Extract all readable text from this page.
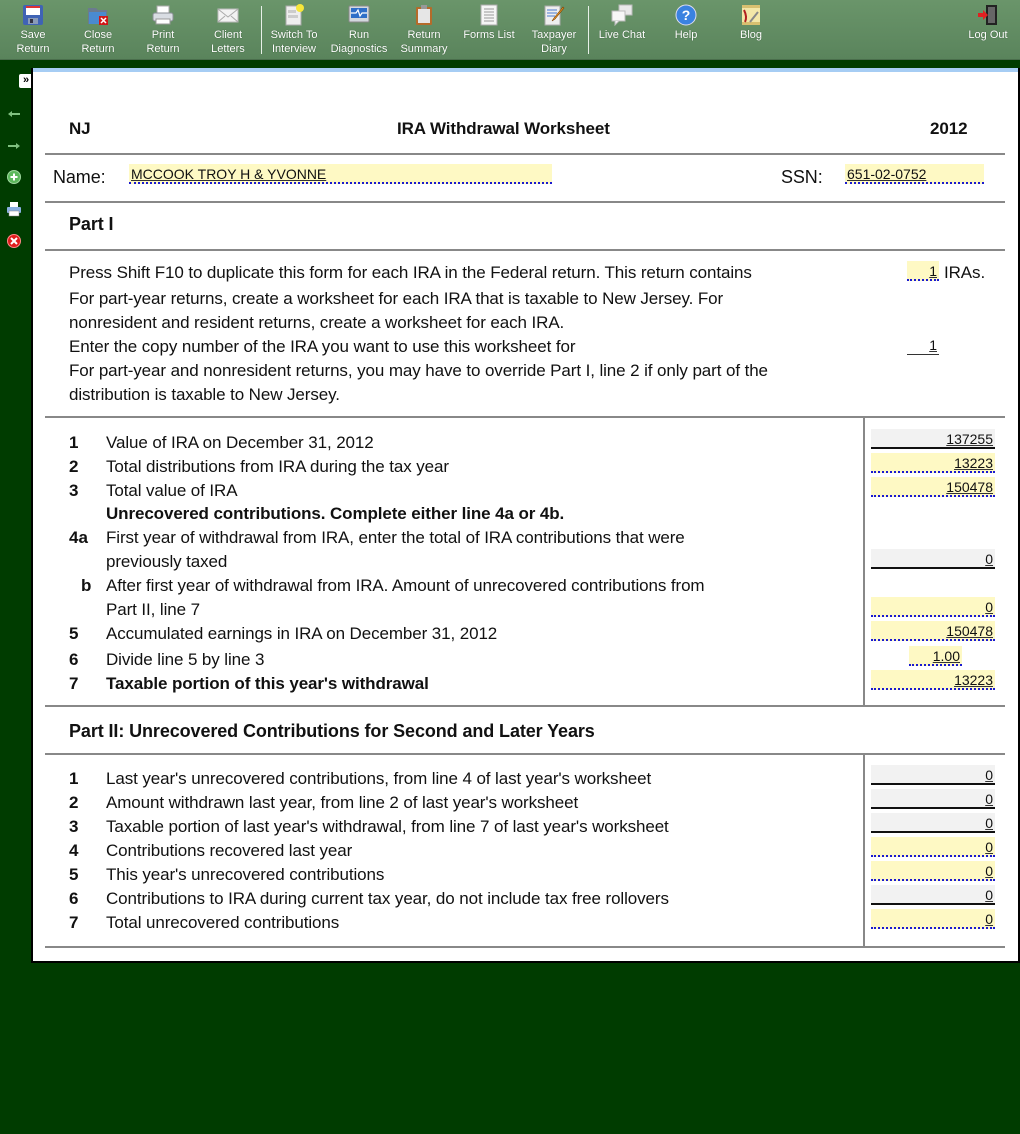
Save
Return
Close
Return
Print
Return
Client
Letters
Switch To
Interview
Run
Diagnostics
Return
Summary
Forms List	Taxpayer
Diary
Live Chat
?
Help	Blog	Log Out
»
NJ	IRA Withdrawal Worksheet	2012
Name: MCCOOK TROY H & YVONNE	SSN: 651-02-0752
Part I
Press Shift F10 to duplicate this form for each IRA in the Federal return. This return contains	1 IRAs.
For part-year returns, create a worksheet for each IRA that is taxable to New Jersey. For
nonresident and resident returns, create a worksheet for each IRA.
Enter the copy number of the IRA you want to use this worksheet for	1
For part-year and nonresident returns, you may have to override Part I, line 2 if only part of the
distribution is taxable to New Jersey.
1 Value of IRA on December 31, 2012	137255
2 Total distributions from IRA during the tax year	13223
3 Total value of IRA	150478
Unrecovered contributions. Complete either line 4a or 4b.
4a First year of withdrawal from IRA, enter the total of IRA contributions that were
previously taxed	0
b After first year of withdrawal from IRA. Amount of unrecovered contributions from
Part II, line 7	0
5 Accumulated earnings in IRA on December 31, 2012	150478
6 Divide line 5 by line 3	1.00
7 Taxable portion of this year's withdrawal	13223
Part II: Unrecovered Contributions for Second and Later Years
1 Last year's unrecovered contributions, from line 4 of last year's worksheet	0
2 Amount withdrawn last year, from line 2 of last year's worksheet	0
3 Taxable portion of last year's withdrawal, from line 7 of last year's worksheet	0
4 Contributions recovered last year	0
5 This year's unrecovered contributions	0
6 Contributions to IRA during current tax year, do not include tax free rollovers	0
7 Total unrecovered contributions	0
